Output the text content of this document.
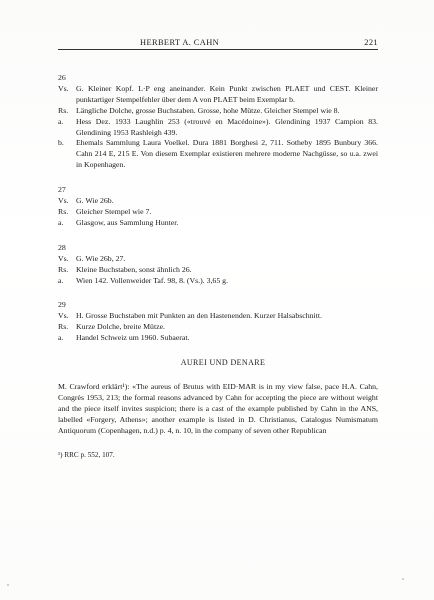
HERBERT A. CAHN	221
26
Vs. G. Kleiner Kopf. L·P eng aneinander. Kein Punkt zwischen PLAET und CEST. Kleiner punktartiger Stempelfehler über dem A von PLAET beim Exemplar b.
Rs. Längliche Dolche, grosse Buchstaben. Grosse, hohe Mütze. Gleicher Stempel wie 8.
a. Hess Dez. 1933 Laughlin 253 («trouvé en Macédoine»). Glendining 1937 Campion 83. Glendining 1953 Rashleigh 439.
b. Ehemals Sammlung Laura Voelkel. Dura 1881 Borghesi 2, 711. Sotheby 1895 Bunbury 366. Cahn 214 E, 215 E. Von diesem Exemplar existieren mehrere moderne Nachgüsse, so u.a. zwei in Kopenhagen.
27
Vs. G. Wie 26b.
Rs. Gleicher Stempel wie 7.
a. Glasgow, aus Sammlung Hunter.
28
Vs. G. Wie 26b, 27.
Rs. Kleine Buchstaben, sonst ähnlich 26.
a. Wien 142. Vollenweider Taf. 98, 8. (Vs.). 3,65 g.
29
Vs. H. Grosse Buchstaben mit Punkten an den Hastenenden. Kurzer Halsabschnitt.
Rs. Kurze Dolche, breite Mütze.
a. Handel Schweiz um 1960. Subaerat.
AUREI UND DENARE
M. Crawford erklärt¹): «The aureus of Brutus with EID·MAR is in my view false, pace H.A. Cahn, Congrès 1953, 213; the formal reasons advanced by Cahn for accepting the piece are without weight and the piece itself invites suspicion; there is a cast of the example published by Cahn in the ANS, labelled «Forgery, Athens»; another example is listed in D. Christianus, Catalogus Numismatum Antiquorum (Copenhagen, n.d.) p. 4, n. 10, in the company of seven other Republican
¹) RRC p. 552, 107.
